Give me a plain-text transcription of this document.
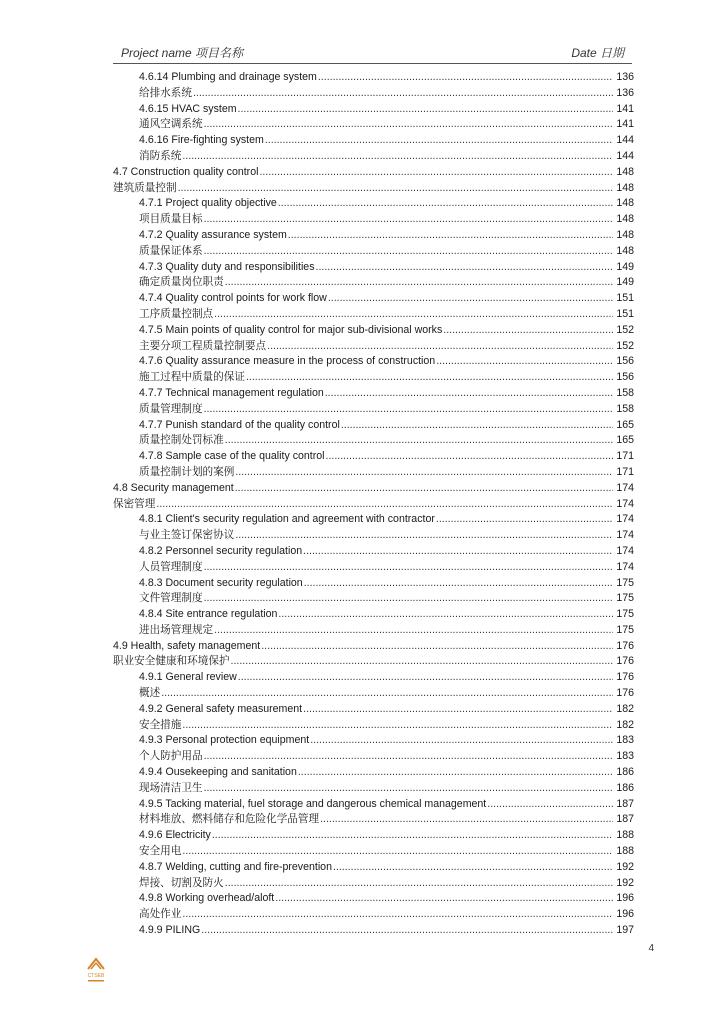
Project name 项目名称	Date 日期
4.6.14 Plumbing and drainage system .....	136
给排水系统 .....	136
4.6.15 HVAC system .....	141
通风空调系统 .....	141
4.6.16 Fire-fighting system .....	144
消防系统 .....	144
4.7 Construction quality control .....	148
建筑质量控制 .....	148
4.7.1 Project quality objective .....	148
项目质量目标 .....	148
4.7.2 Quality assurance system .....	148
质量保证体系 .....	148
4.7.3 Quality duty and responsibilities .....	149
确定质量岗位职责 .....	149
4.7.4 Quality control points for work flow .....	151
工序质量控制点 .....	151
4.7.5 Main points of quality control for major sub-divisional works .....	152
主要分项工程质量控制要点 .....	152
4.7.6 Quality assurance measure in the process of construction .....	156
施工过程中质量的保证 .....	156
4.7.7 Technical management regulation .....	158
质量管理制度 .....	158
4.7.7 Punish standard of the quality control .....	165
质量控制处罚标准 .....	165
4.7.8 Sample case of the quality control .....	171
质量控制计划的案例 .....	171
4.8 Security management .....	174
保密管理 .....	174
4.8.1 Client's security regulation and agreement with contractor .....	174
与业主签订保密协议 .....	174
4.8.2 Personnel security regulation .....	174
人员管理制度 .....	174
4.8.3 Document security regulation .....	175
文件管理制度 .....	175
4.8.4 Site entrance regulation .....	175
进出场管理规定 .....	175
4.9 Health, safety management .....	176
职业安全健康和环境保护 .....	176
4.9.1 General review .....	176
概述 .....	176
4.9.2 General safety measurement .....	182
安全措施 .....	182
4.9.3 Personal protection equipment .....	183
个人防护用品 .....	183
4.9.4 Ousekeeping and sanitation .....	186
现场清洁卫生 .....	186
4.9.5 Tacking material, fuel storage and dangerous chemical management .....	187
材料堆放、燃料储存和危险化学品管理 .....	187
4.9.6 Electricity .....	188
安全用电 .....	188
4.8.7 Welding, cutting and fire-prevention .....	192
焊接、切割及防火 .....	192
4.9.8 Working overhead/aloft .....	196
高处作业 .....	196
4.9.9 PILING .....	197
4
CTSEB
